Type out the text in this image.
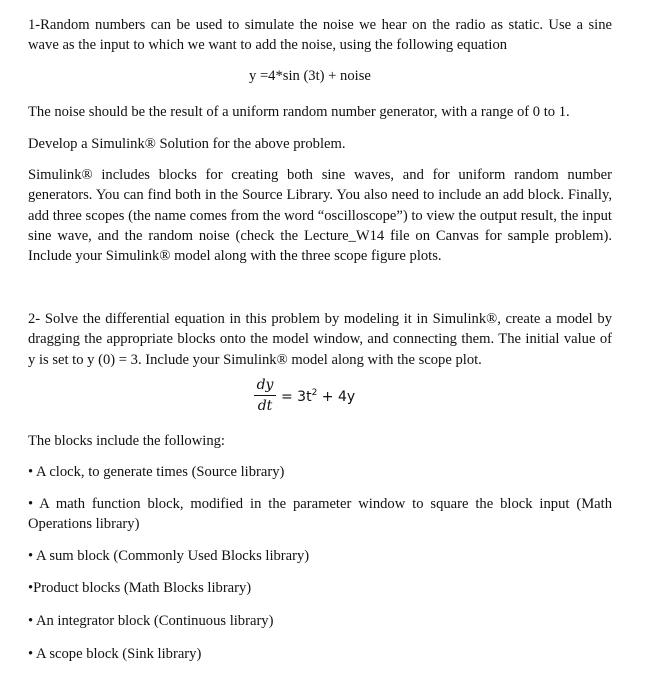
1-Random numbers can be used to simulate the noise we hear on the radio as static. Use a sine wave as the input to which we want to add the noise, using the following equation

y =4*sin (3t) + noise

The noise should be the result of a uniform random number generator, with a range of 0 to 1.

Develop a Simulink® Solution for the above problem.

Simulink® includes blocks for creating both sine waves, and for uniform random number generators. You can find both in the Source Library. You also need to include an add block. Finally, add three scopes (the name comes from the word “oscilloscope”) to view the output result, the input sine wave, and the random noise (check the Lecture_W14 file on Canvas for sample problem). Include your Simulink® model along with the three scope figure plots.

2- Solve the differential equation in this problem by modeling it in Simulink®, create a model by dragging the appropriate blocks onto the model window, and connecting them. The initial value of y is set to y (0) = 3. Include your Simulink® model along with the scope plot.

dy
dt
= $3t^2 + 4y$

The blocks include the following:

• A clock, to generate times (Source library)

• A math function block, modified in the parameter window to square the block input (Math Operations library)

• A sum block (Commonly Used Blocks library)

•Product blocks (Math Blocks library)

• An integrator block (Continuous library)

• A scope block (Sink library)
